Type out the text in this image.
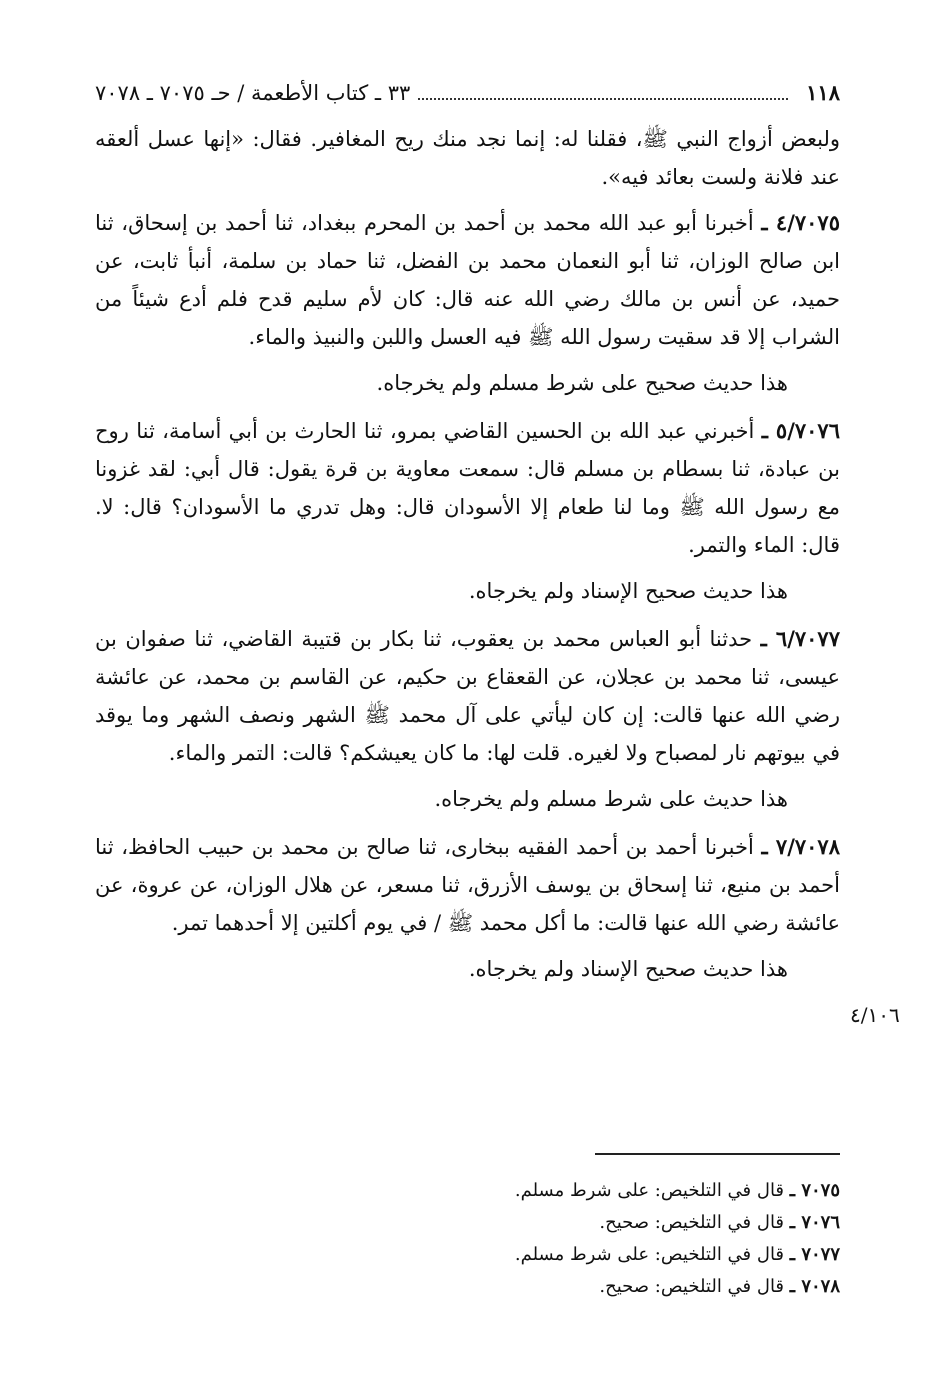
١١٨
٣٣ ـ كتاب الأطعمة / حـ ٧٠٧٥ ـ ٧٠٧٨

ولبعض أزواج النبي ﷺ، فقلنا له: إنما نجد منك ريح المغافير. فقال: «إنها عسل ألعقه عند فلانة ولست بعائد فيه».

٤/٧٠٧٥ ـ أخبرنا أبو عبد الله محمد بن أحمد بن المحرم ببغداد، ثنا أحمد بن إسحاق، ثنا ابن صالح الوزان، ثنا أبو النعمان محمد بن الفضل، ثنا حماد بن سلمة، أنبأ ثابت، عن حميد، عن أنس بن مالك رضي الله عنه قال: كان لأم سليم قدح فلم أدع شيئاً من الشراب إلا قد سقيت رسول الله ﷺ فيه العسل واللبن والنبيذ والماء.

هذا حديث صحيح على شرط مسلم ولم يخرجاه.

٥/٧٠٧٦ ـ أخبرني عبد الله بن الحسين القاضي بمرو، ثنا الحارث بن أبي أسامة، ثنا روح بن عبادة، ثنا بسطام بن مسلم قال: سمعت معاوية بن قرة يقول: قال أبي: لقد غزونا مع رسول الله ﷺ وما لنا طعام إلا الأسودان قال: وهل تدري ما الأسودان؟ قال: لا. قال: الماء والتمر.

هذا حديث صحيح الإسناد ولم يخرجاه.

٦/٧٠٧٧ ـ حدثنا أبو العباس محمد بن يعقوب، ثنا بكار بن قتيبة القاضي، ثنا صفوان بن عيسى، ثنا محمد بن عجلان، عن القعقاع بن حكيم، عن القاسم بن محمد، عن عائشة رضي الله عنها قالت: إن كان ليأتي على آل محمد ﷺ الشهر ونصف الشهر وما يوقد في بيوتهم نار لمصباح ولا لغيره. قلت لها: ما كان يعيشكم؟ قالت: التمر والماء.

هذا حديث على شرط مسلم ولم يخرجاه.

٧/٧٠٧٨ ـ أخبرنا أحمد بن أحمد الفقيه ببخارى، ثنا صالح بن محمد بن حبيب الحافظ، ثنا أحمد بن منيع، ثنا إسحاق بن يوسف الأزرق، ثنا مسعر، عن هلال الوزان، عن عروة، عن عائشة رضي الله عنها قالت: ما أكل محمد ﷺ / في يوم أكلتين إلا أحدهما تمر.

هذا حديث صحيح الإسناد ولم يخرجاه.

٤/١٠٦
٧٠٧٥ ـ قال في التلخيص: على شرط مسلم.
٧٠٧٦ ـ قال في التلخيص: صحيح.
٧٠٧٧ ـ قال في التلخيص: على شرط مسلم.
٧٠٧٨ ـ قال في التلخيص: صحيح.
